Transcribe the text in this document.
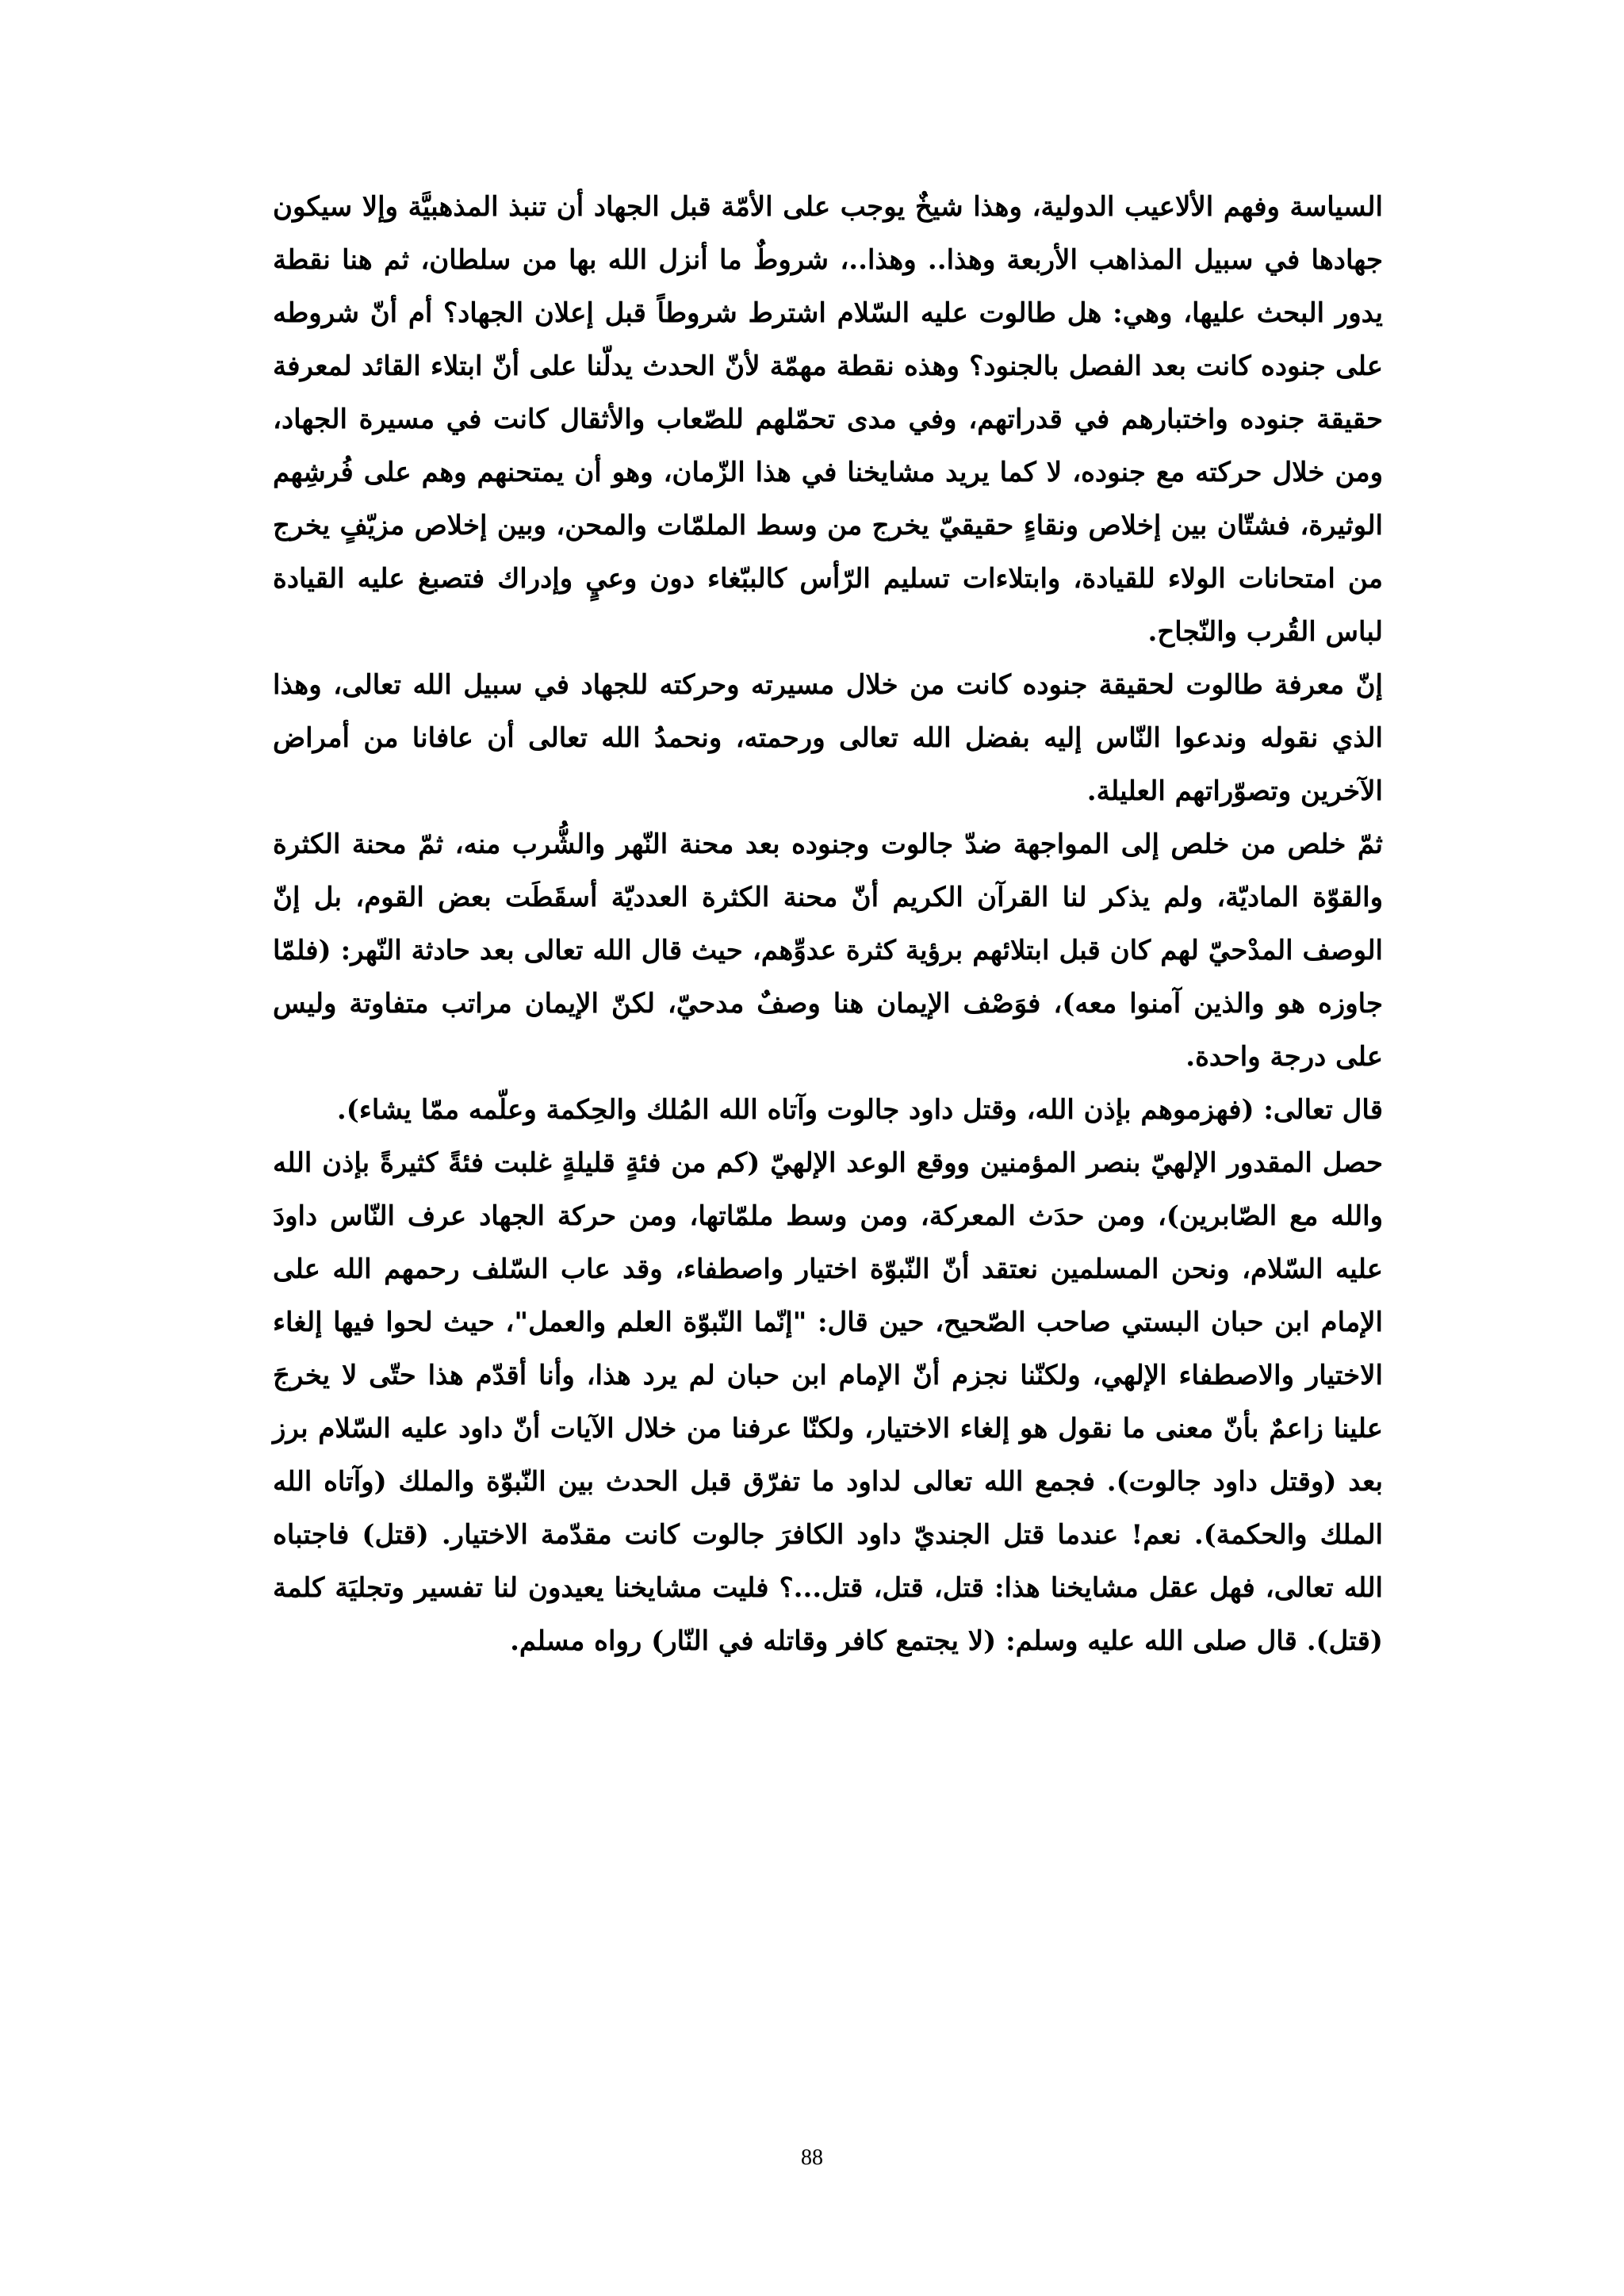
السياسة وفهم الألاعيب الدولية، وهذا شيخٌ يوجب على الأمّة قبل الجهاد أن تنبذ المذهبيَّة وإلا سيكون جهادها في سبيل المذاهب الأربعة وهذا.. وهذا..، شروطٌ ما أنزل الله بها من سلطان، ثم هنا نقطة يدور البحث عليها، وهي: هل طالوت عليه السّلام اشترط شروطاً قبل إعلان الجهاد؟ أم أنّ شروطه على جنوده كانت بعد الفصل بالجنود؟ وهذه نقطة مهمّة لأنّ الحدث يدلّنا على أنّ ابتلاء القائد لمعرفة حقيقة جنوده واختبارهم في قدراتهم، وفي مدى تحمّلهم للصّعاب والأثقال كانت في مسيرة الجهاد، ومن خلال حركته مع جنوده، لا كما يريد مشايخنا في هذا الزّمان، وهو أن يمتحنهم وهم على فُرشِهم الوثيرة، فشتّان بين إخلاص ونقاءٍ حقيقيّ يخرج من وسط الملمّات والمحن، وبين إخلاص مزيّفٍ يخرج من امتحانات الولاء للقيادة، وابتلاءات تسليم الرّأس كالببّغاء دون وعيٍ وإدراك فتصبغ عليه القيادة لباس القُرب والنّجاح.

إنّ معرفة طالوت لحقيقة جنوده كانت من خلال مسيرته وحركته للجهاد في سبيل الله تعالى، وهذا الذي نقوله وندعوا النّاس إليه بفضل الله تعالى ورحمته، ونحمدُ الله تعالى أن عافانا من أمراض الآخرين وتصوّراتهم العليلة.

ثمّ خلص من خلص إلى المواجهة ضدّ جالوت وجنوده بعد محنة النّهر والشُّرب منه، ثمّ محنة الكثرة والقوّة الماديّة، ولم يذكر لنا القرآن الكريم أنّ محنة الكثرة العدديّة أسقَطَت بعض القوم، بل إنّ الوصف المدْحيّ لهم كان قبل ابتلائهم برؤية كثرة عدوِّهم، حيث قال الله تعالى بعد حادثة النّهر: (فلمّا جاوزه هو والذين آمنوا معه)، فوَصْف الإيمان هنا وصفٌ مدحيّ، لكنّ الإيمان مراتب متفاوتة وليس على درجة واحدة.

قال تعالى: (فهزموهم بإذن الله، وقتل داود جالوت وآتاه الله المُلك والحِكمة وعلّمه ممّا يشاء).

حصل المقدور الإلهيّ بنصر المؤمنين ووقع الوعد الإلهيّ (كم من فئةٍ قليلةٍ غلبت فئةً كثيرةً بإذن الله والله مع الصّابرين)، ومن حدَث المعركة، ومن وسط ملمّاتها، ومن حركة الجهاد عرف النّاس داودَ عليه السّلام، ونحن المسلمين نعتقد أنّ النّبوّة اختيار واصطفاء، وقد عاب السّلف رحمهم الله على الإمام ابن حبان البستي صاحب الصّحيح، حين قال: "إنّما النّبوّة العلم والعمل"، حيث لحوا فيها إلغاء الاختيار والاصطفاء الإلهي، ولكنّنا نجزم أنّ الإمام ابن حبان لم يرد هذا، وأنا أقدّم هذا حتّى لا يخرجَ علينا زاعمٌ بأنّ معنى ما نقول هو إلغاء الاختيار، ولكنّا عرفنا من خلال الآيات أنّ داود عليه السّلام برز بعد (وقتل داود جالوت). فجمع الله تعالى لداود ما تفرّق قبل الحدث بين النّبوّة والملك (وآتاه الله الملك والحكمة). نعم! عندما قتل الجنديّ داود الكافرَ جالوت كانت مقدّمة الاختيار. (قتل) فاجتباه الله تعالى، فهل عقل مشايخنا هذا: قتل، قتل، قتل...؟ فليت مشايخنا يعيدون لنا تفسير وتجليَة كلمة (قتل). قال صلى الله عليه وسلم: (لا يجتمع كافر وقاتله في النّار) رواه مسلم.

88
